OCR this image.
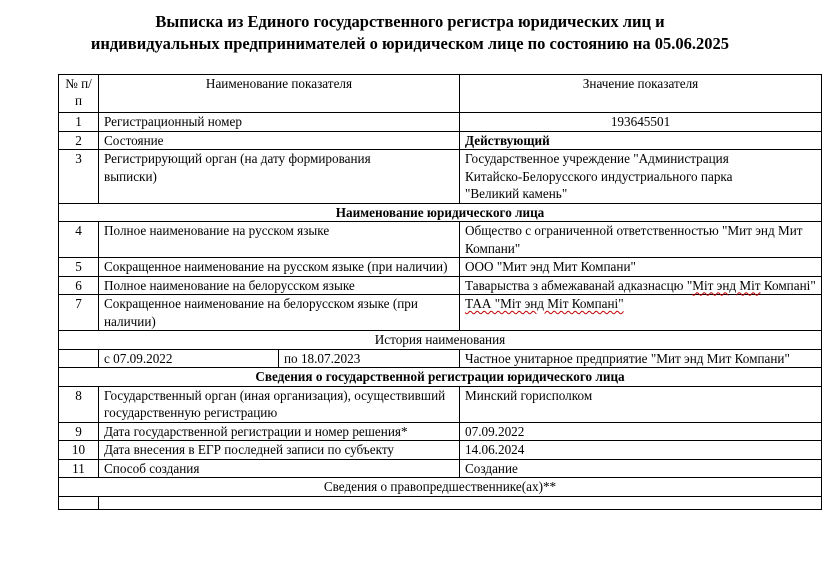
Выписка из Единого государственного регистра юридических лиц и
индивидуальных предпринимателей о юридическом лице по состоянию на 05.06.2025
№ п/п	Наименование показателя		Значение показателя
1	Регистрационный номер		193645501
2	Состояние		Действующий
3	Регистрирующий орган (на дату формирования выписки)		Государственное учреждение "Администрация Китайско-Белорусского индустриального парка "Великий камень"
Наименование юридического лица			
4	Полное наименование на русском языке		Общество с ограниченной ответственностью "Мит энд Мит Компани"
5	Сокращенное наименование на русском языке (при наличии)		ООО "Мит энд Мит Компани"
6	Полное наименование на белорусском языке		Таварыства з абмежаванай адказнасцю "Міт энд Міт Компані"
7	Сокращенное наименование на белорусском языке (при наличии)		ТАА "Міт энд Міт Компані"
История наименования			
	с 07.09.2022	по 18.07.2023	Частное унитарное предприятие "Мит энд Мит Компани"
Сведения о государственной регистрации юридического лица			
8	Государственный орган (иная организация), осуществивший государственную регистрацию		Минский горисполком
9	Дата государственной регистрации и номер решения*		07.09.2022
10	Дата внесения в ЕГР последней записи по субъекту		14.06.2024
11	Способ создания		Создание
Сведения о правопредшественнике(ах)**			
